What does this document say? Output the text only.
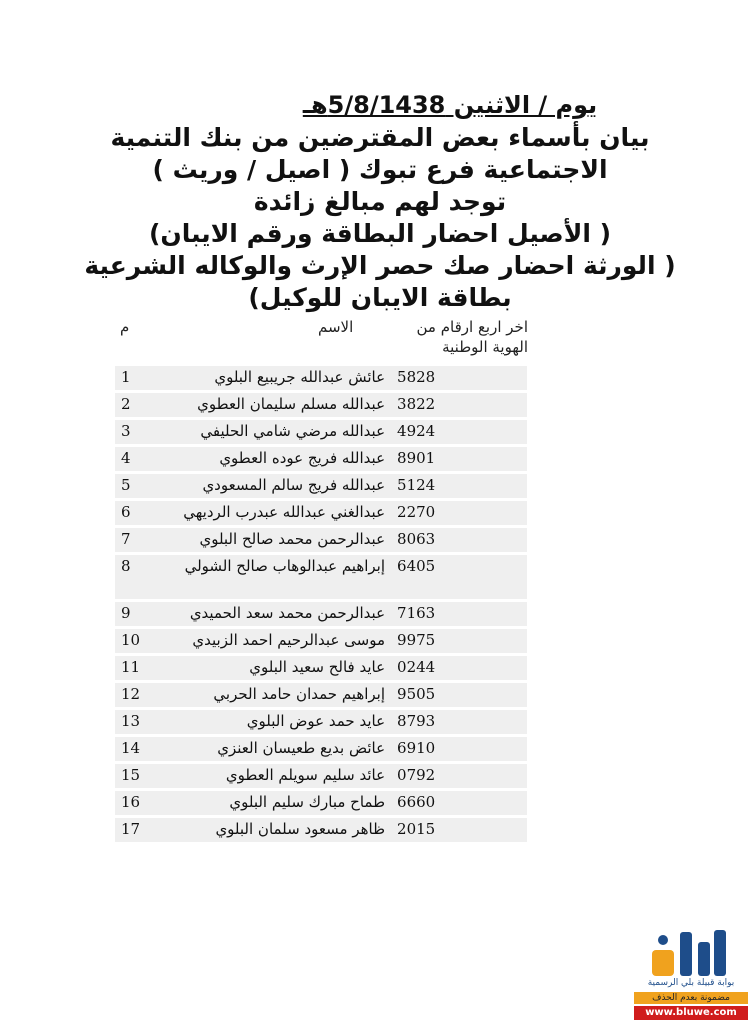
يوم / الاثنين 5/8/1438هـ
بيان بأسماء بعض المقترضين من بنك التنمية
الاجتماعية فرع تبوك ( اصيل / وريث )
توجد لهم مبالغ زائدة
( الأصيل احضار البطاقة ورقم الايبان)
( الورثة احضار صك حصر الإرث والوكاله الشرعية
بطاقة الايبان للوكيل)
م	الاسم	اخر اربع ارقام من
الهوية الوطنية
1	عائش عبدالله جريبيع البلوي	5828
2	عبدالله مسلم سليمان العطوي	3822
3	عبدالله مرضي شامي الحليفي	4924
4	عبدالله فريج عوده العطوي	8901
5	عبدالله فريج سالم المسعودي	5124
6	عبدالغني عبدالله عبدرب الرديهي	2270
7	عبدالرحمن محمد صالح البلوي	8063
8	إبراهيم عبدالوهاب صالح الشولي	6405
9	عبدالرحمن محمد سعد الحميدي	7163
10	موسى عبدالرحيم احمد الزبيدي	9975
11	عايد فالح سعيد البلوي	0244
12	إبراهيم حمدان حامد الحربي	9505
13	عايد حمد عوض البلوي	8793
14	عائض بديع طعيسان العنزي	6910
15	عائد سليم سويلم العطوي	0792
16	طماح مبارك سليم البلوي	6660
17	ظاهر مسعود سلمان البلوي	2015
بوابة قبيلة بلي الرسمية
مضمونة بعدم الحذف
www.bluwe.com
